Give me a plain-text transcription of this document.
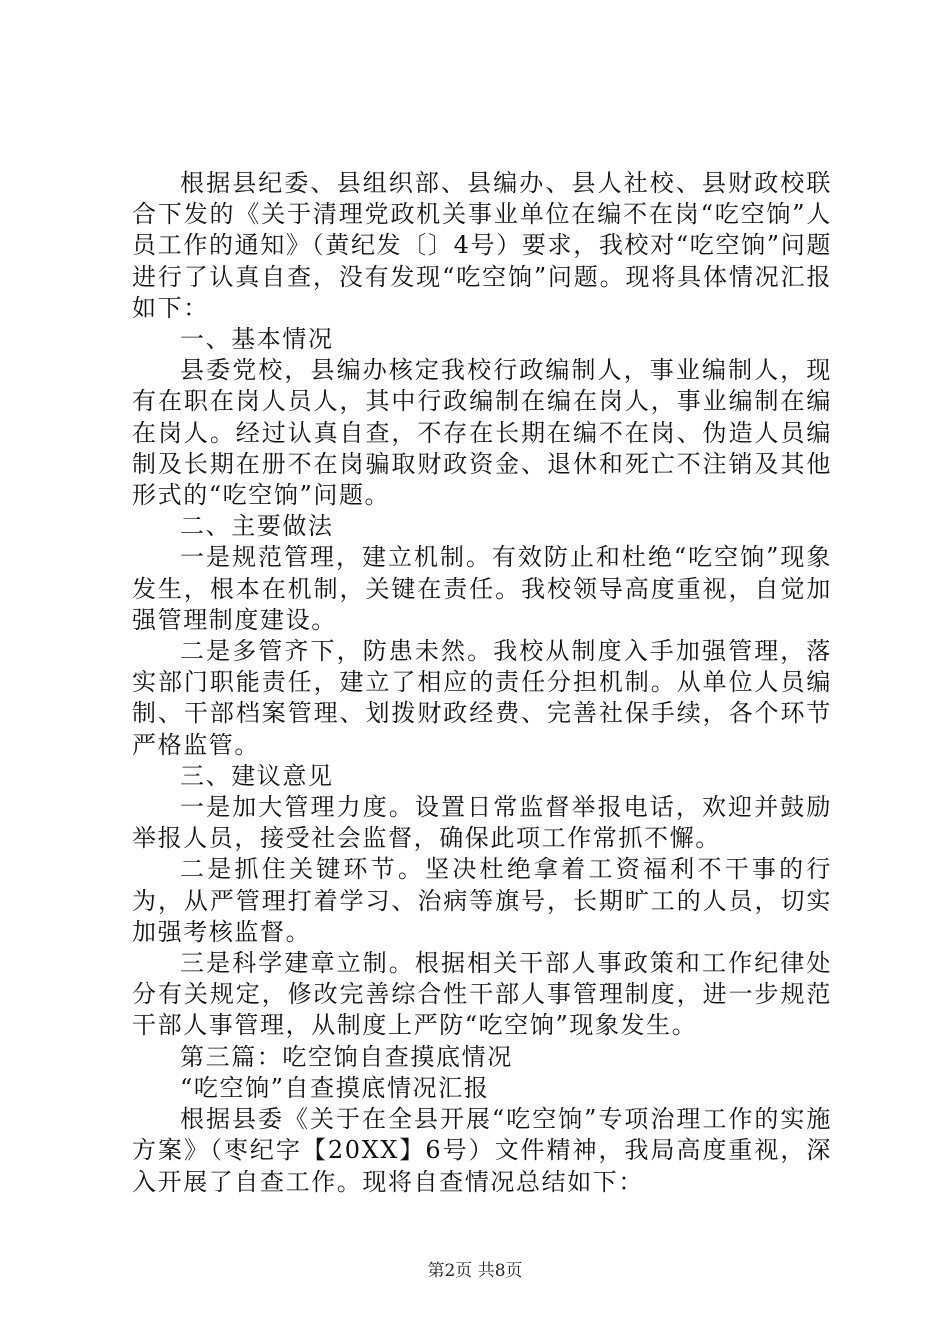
根据县纪委、县组织部、县编办、县人社校、县财政校联合下发的《关于清理党政机关事业单位在编不在岗“吃空饷”人员工作的通知》（黄纪发〔〕4号）要求，我校对“吃空饷”问题进行了认真自查，没有发现“吃空饷”问题。现将具体情况汇报如下：

一、基本情况

县委党校，县编办核定我校行政编制人，事业编制人，现有在职在岗人员人，其中行政编制在编在岗人，事业编制在编在岗人。经过认真自查，不存在长期在编不在岗、伪造人员编制及长期在册不在岗骗取财政资金、退休和死亡不注销及其他形式的“吃空饷”问题。

二、主要做法

一是规范管理，建立机制。有效防止和杜绝“吃空饷”现象发生，根本在机制，关键在责任。我校领导高度重视，自觉加强管理制度建设。

二是多管齐下，防患未然。我校从制度入手加强管理，落实部门职能责任，建立了相应的责任分担机制。从单位人员编制、干部档案管理、划拨财政经费、完善社保手续，各个环节严格监管。

三、建议意见

一是加大管理力度。设置日常监督举报电话，欢迎并鼓励举报人员，接受社会监督，确保此项工作常抓不懈。

二是抓住关键环节。坚决杜绝拿着工资福利不干事的行为，从严管理打着学习、治病等旗号，长期旷工的人员，切实加强考核监督。

三是科学建章立制。根据相关干部人事政策和工作纪律处分有关规定，修改完善综合性干部人事管理制度，进一步规范干部人事管理，从制度上严防“吃空饷”现象发生。

第三篇：吃空饷自查摸底情况

“吃空饷”自查摸底情况汇报

根据县委《关于在全县开展“吃空饷”专项治理工作的实施方案》（枣纪字【20XX】6号）文件精神，我局高度重视，深入开展了自查工作。现将自查情况总结如下：

第2页 共8页
